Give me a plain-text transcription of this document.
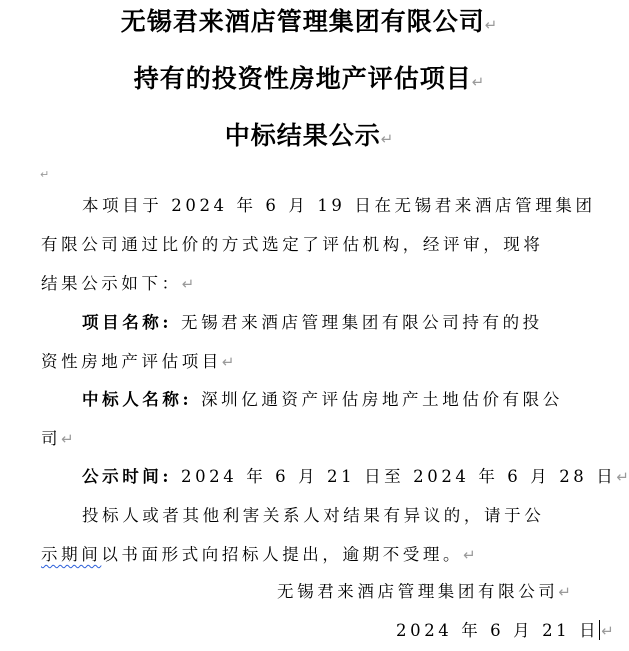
无锡君来酒店管理集团有限公司↵
持有的投资性房地产评估项目↵
中标结果公示↵
↵
本项目于 2024 年 6 月 19 日在无锡君来酒店管理集团
有限公司通过比价的方式选定了评估机构，经评审，现将
结果公示如下：↵
项目名称: 无锡君来酒店管理集团有限公司持有的投
资性房地产评估项目↵
中标人名称: 深圳亿通资产评估房地产土地估价有限公
司↵
公示时间: 2024 年 6 月 21 日至 2024 年 6 月 28 日↵
投标人或者其他利害关系人对结果有异议的，请于公
示期间以书面形式向招标人提出，逾期不受理。↵
无锡君来酒店管理集团有限公司↵
2024 年 6 月 21 日 ↵
